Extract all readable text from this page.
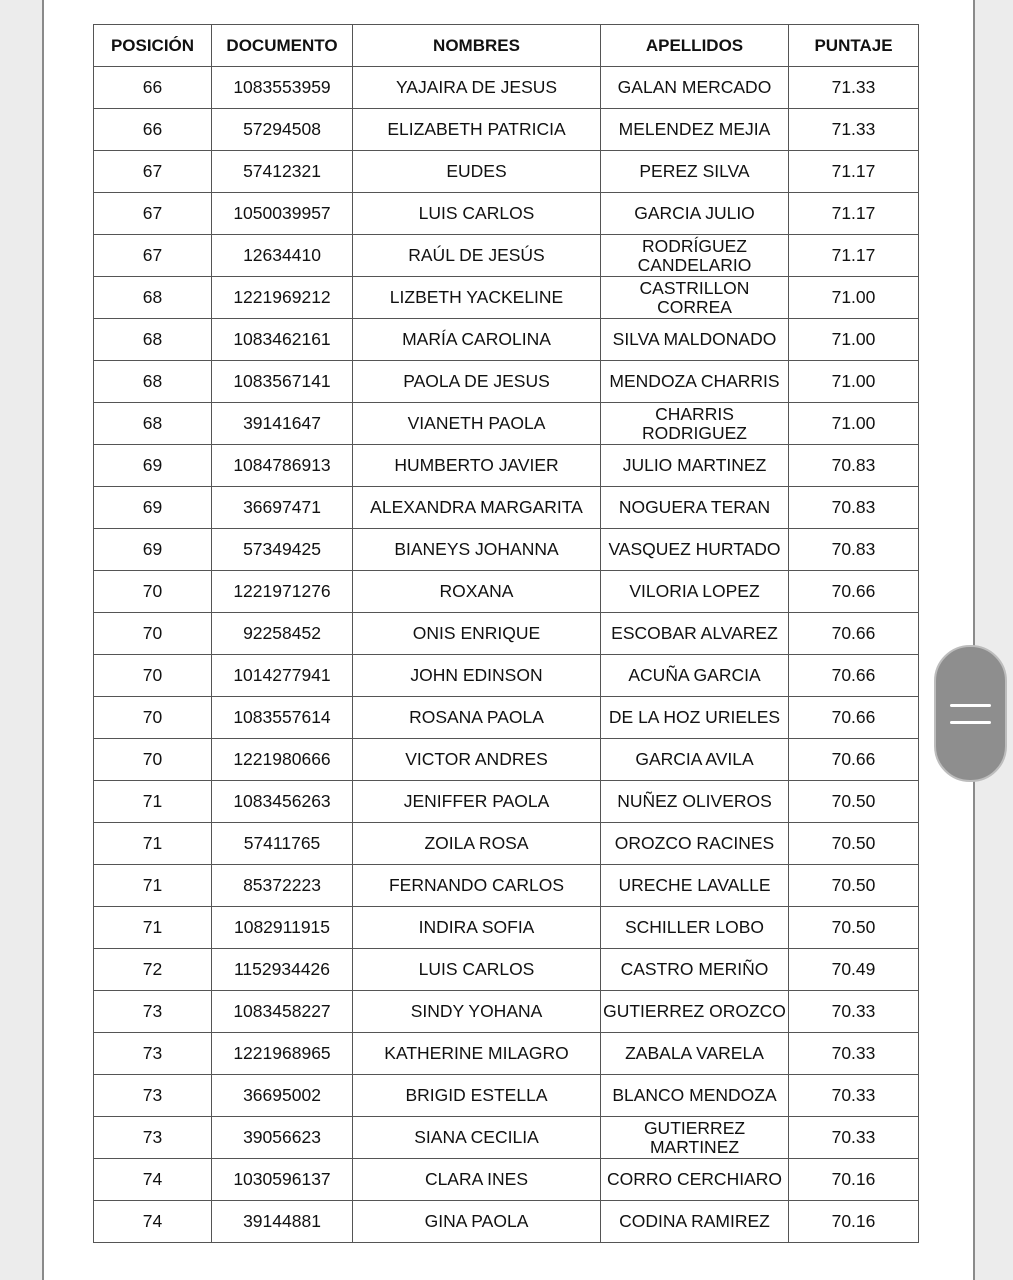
POSICIÓN	DOCUMENTO	NOMBRES	APELLIDOS	PUNTAJE
66	1083553959	YAJAIRA DE JESUS	GALAN MERCADO	71.33
66	57294508	ELIZABETH PATRICIA	MELENDEZ MEJIA	71.33
67	57412321	EUDES	PEREZ SILVA	71.17
67	1050039957	LUIS CARLOS	GARCIA JULIO	71.17
67	12634410	RAÚL DE JESÚS	RODRÍGUEZ CANDELARIO	71.17
68	1221969212	LIZBETH YACKELINE	CASTRILLON CORREA	71.00
68	1083462161	MARÍA CAROLINA	SILVA MALDONADO	71.00
68	1083567141	PAOLA DE JESUS	MENDOZA CHARRIS	71.00
68	39141647	VIANETH PAOLA	CHARRIS RODRIGUEZ	71.00
69	1084786913	HUMBERTO JAVIER	JULIO MARTINEZ	70.83
69	36697471	ALEXANDRA MARGARITA	NOGUERA TERAN	70.83
69	57349425	BIANEYS JOHANNA	VASQUEZ HURTADO	70.83
70	1221971276	ROXANA	VILORIA LOPEZ	70.66
70	92258452	ONIS ENRIQUE	ESCOBAR ALVAREZ	70.66
70	1014277941	JOHN EDINSON	ACUÑA GARCIA	70.66
70	1083557614	ROSANA PAOLA	DE LA HOZ URIELES	70.66
70	1221980666	VICTOR ANDRES	GARCIA AVILA	70.66
71	1083456263	JENIFFER PAOLA	NUÑEZ OLIVEROS	70.50
71	57411765	ZOILA ROSA	OROZCO RACINES	70.50
71	85372223	FERNANDO CARLOS	URECHE LAVALLE	70.50
71	1082911915	INDIRA SOFIA	SCHILLER LOBO	70.50
72	1152934426	LUIS CARLOS	CASTRO MERIÑO	70.49
73	1083458227	SINDY YOHANA	GUTIERREZ OROZCO	70.33
73	1221968965	KATHERINE MILAGRO	ZABALA VARELA	70.33
73	36695002	BRIGID ESTELLA	BLANCO MENDOZA	70.33
73	39056623	SIANA CECILIA	GUTIERREZ MARTINEZ	70.33
74	1030596137	CLARA INES	CORRO CERCHIARO	70.16
74	39144881	GINA PAOLA	CODINA RAMIREZ	70.16
